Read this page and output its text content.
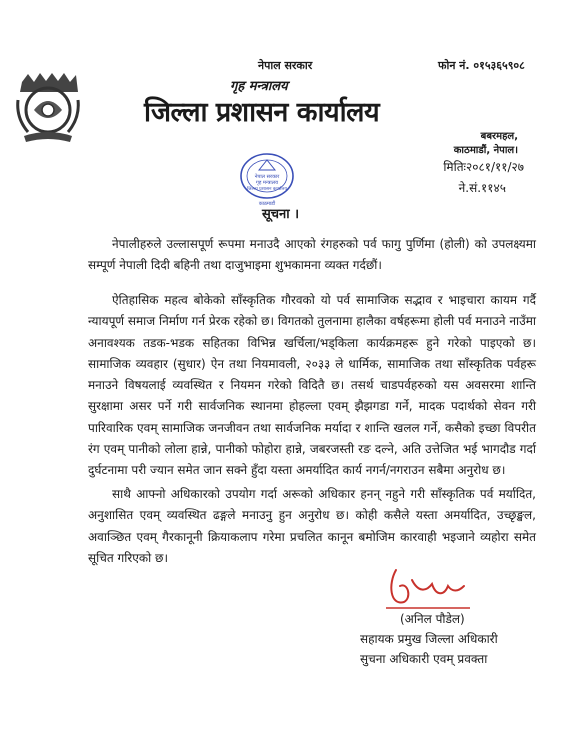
नेपाल सरकार
गृह मन्त्रालय
जिल्ला प्रशासन कार्यालय
फोन नं. ०१५३६५९०८
बबरमहल,
काठमाडौं, नेपाल।
मितिः२०८१/११/२७
ने.सं.११४५
नेपाल सरकार
गृह मन्त्रालय
जिल्ला प्रशासन कार्यालय
काठमाडौं
सूचना ।
नेपालीहरुले उल्लासपूर्ण रूपमा मनाउदै आएको रंगहरुको पर्व फागु पुर्णिमा (होली) को उपलक्ष्यमा सम्पूर्ण नेपाली दिदी बहिनी तथा दाजुभाइमा शुभकामना व्यक्त गर्दछौं।
ऐतिहासिक महत्व बोकेको साँस्कृतिक गौरवको यो पर्व सामाजिक सद्भाव र भाइचारा कायम गर्दै न्यायपूर्ण समाज निर्माण गर्न प्रेरक रहेको छ। विगतको तुलनामा हालैका वर्षहरूमा होली पर्व मनाउने नाउँमा अनावश्यक तडक-भडक सहितका विभिन्न खर्चिला/भड्किला कार्यक्रमहरू हुने गरेको पाइएको छ। सामाजिक व्यवहार (सुधार) ऐन तथा नियमावली, २०३३ ले धार्मिक, सामाजिक तथा साँस्कृतिक पर्वहरू मनाउने विषयलाई व्यवस्थित र नियमन गरेको विदितै छ। तसर्थ चाडपर्वहरुको यस अवसरमा शान्ति सुरक्षामा असर पर्ने गरी सार्वजनिक स्थानमा होहल्ला एवम् झैझगडा गर्ने, मादक पदार्थको सेवन गरी पारिवारिक एवम् सामाजिक जनजीवन तथा सार्वजनिक मर्यादा र शान्ति खलल गर्ने, कसैको इच्छा विपरीत रंग एवम् पानीको लोला हान्ने, पानीको फोहोरा हान्ने, जबरजस्ती रङ दल्ने, अति उत्तेजित भई भागदौड गर्दा दुर्घटनामा परी ज्यान समेत जान सक्ने हुँदा यस्ता अमर्यादित कार्य नगर्न/नगराउन सबैमा अनुरोध छ।
साथै आफ्नो अधिकारको उपयोग गर्दा अरूको अधिकार हनन् नहुने गरी साँस्कृतिक पर्व मर्यादित, अनुशासित एवम् व्यवस्थित ढङ्गले मनाउनु हुन अनुरोध छ। कोही कसैले यस्ता अमर्यादित, उच्छृङ्खल, अवाञ्छित एवम् गैरकानूनी क्रियाकलाप गरेमा प्रचलित कानून बमोजिम कारवाही भइजाने व्यहोरा समेत सूचित गरिएको छ।
(अनिल पौडेल)
सहायक प्रमुख जिल्ला अधिकारी
सुचना अधिकारी एवम् प्रवक्ता
